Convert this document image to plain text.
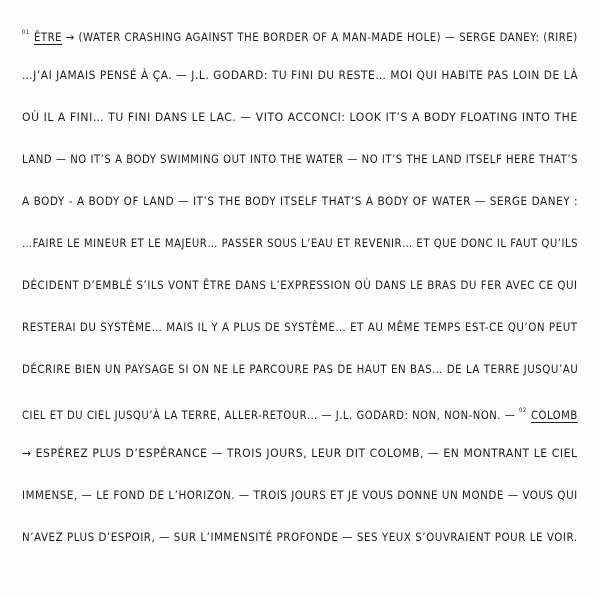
$^{01}$ ÊTRE → (WATER CRASHING AGAINST THE BORDER OF A MAN-MADE HOLE) — SERGE DANEY: (RIRE)
…J’AI JAMAIS PENSÉ À ÇA. — J.L. GODARD: TU FINI DU RESTE… MOI QUI HABITE PAS LOIN DE LÀ
OÙ IL A FINI… TU FINI DANS LE LAC. — VITO ACCONCI: LOOK IT’S A BODY FLOATING INTO THE
LAND — NO IT’S A BODY SWIMMING OUT INTO THE WATER — NO IT’S THE LAND ITSELF HERE THAT’S
A BODY - A BODY OF LAND — IT’S THE BODY ITSELF THAT’S A BODY OF WATER — SERGE DANEY :
…FAIRE LE MINEUR ET LE MAJEUR… PASSER SOUS L’EAU ET REVENIR… ET QUE DONC IL FAUT QU’ILS
DÉCIDENT D’EMBLÉ S’ILS VONT ÊTRE DANS L’EXPRESSION OÙ DANS LE BRAS DU FER AVEC CE QUI
RESTERAI DU SYSTÈME… MAIS IL Y A PLUS DE SYSTÈME… ET AU MÊME TEMPS EST-CE QU’ON PEUT
DÉCRIRE BIEN UN PAYSAGE SI ON NE LE PARCOURE PAS DE HAUT EN BAS… DE LA TERRE JUSQU’AU
CIEL ET DU CIEL JUSQU’À LA TERRE, ALLER-RETOUR… — J.L. GODARD: NON, NON-NON. — $^{02}$ COLOMB
→ ESPÉREZ PLUS D’ESPÉRANCE — TROIS JOURS, LEUR DIT COLOMB, — EN MONTRANT LE CIEL
IMMENSE, — LE FOND DE L’HORIZON. — TROIS JOURS ET JE VOUS DONNE UN MONDE — VOUS QUI
N’AVEZ PLUS D’ESPOIR, — SUR L’IMMENSITÉ PROFONDE — SES YEUX S’OUVRAIENT POUR LE VOIR.
